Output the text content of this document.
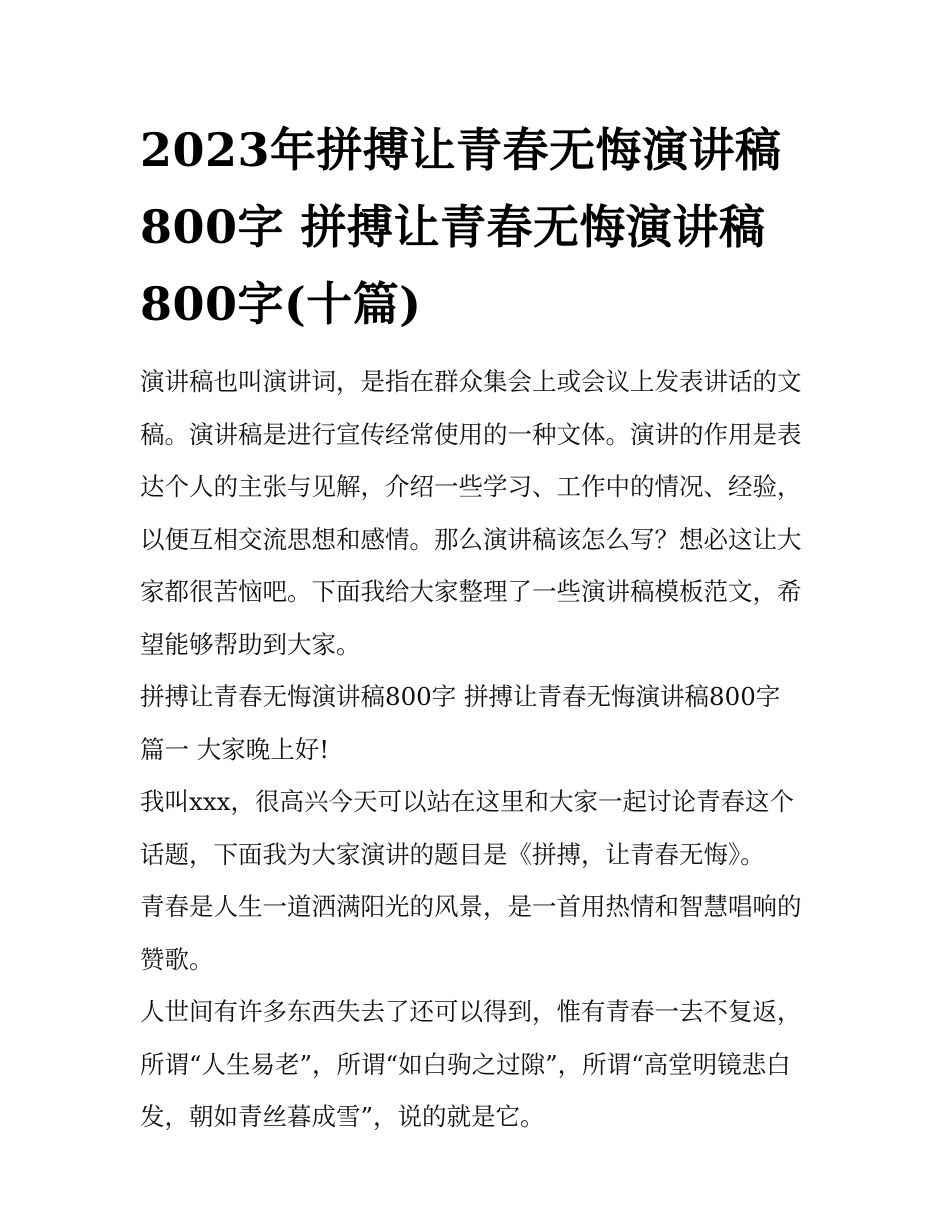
2023年拼搏让青春无悔演讲稿
800字 拼搏让青春无悔演讲稿
800字(十篇)

演讲稿也叫演讲词，是指在群众集会上或会议上发表讲话的文
稿。演讲稿是进行宣传经常使用的一种文体。演讲的作用是表
达个人的主张与见解，介绍一些学习、工作中的情况、经验，
以便互相交流思想和感情。那么演讲稿该怎么写？想必这让大
家都很苦恼吧。下面我给大家整理了一些演讲稿模板范文，希
望能够帮助到大家。

拼搏让青春无悔演讲稿800字 拼搏让青春无悔演讲稿800字
篇一 大家晚上好!

我叫xxx，很高兴今天可以站在这里和大家一起讨论青春这个
话题，下面我为大家演讲的题目是《拼搏，让青春无悔》。

青春是人生一道洒满阳光的风景，是一首用热情和智慧唱响的
赞歌。

人世间有许多东西失去了还可以得到，惟有青春一去不复返，
所谓“人生易老”，所谓“如白驹之过隙”，所谓“高堂明镜悲白
发，朝如青丝暮成雪”，说的就是它。
